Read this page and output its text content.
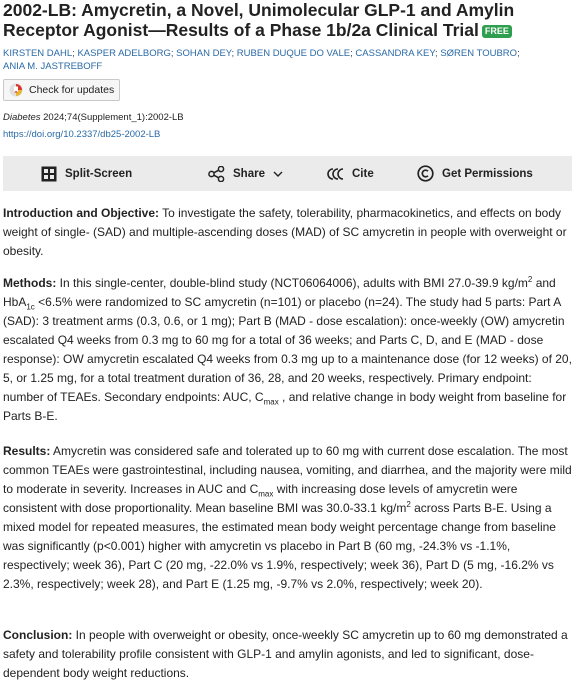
2002-LB: Amycretin, a Novel, Unimolecular GLP-1 and Amylin Receptor Agonist—Results of a Phase 1b/2a Clinical Trial FREE
KIRSTEN DAHL; KASPER ADELBORG; SOHAN DEY; RUBEN DUQUE DO VALE; CASSANDRA KEY; SØREN TOUBRO;
ANIA M. JASTREBOFF
Check for updates
Diabetes 2024;74(Supplement_1):2002-LB
https://doi.org/10.2337/db25-2002-LB
Split-Screen	Share	Cite	Get Permissions
Introduction and Objective: To investigate the safety, tolerability, pharmacokinetics, and effects on body weight of single- (SAD) and multiple-ascending doses (MAD) of SC amycretin in people with overweight or obesity.
Methods: In this single-center, double-blind study (NCT06064006), adults with BMI 27.0-39.9 $kg/m^2$ and HbA$_{1c}$ <6.5% were randomized to SC amycretin (n=101) or placebo (n=24). The study had 5 parts: Part A (SAD): 3 treatment arms (0.3, 0.6, or 1 mg); Part B (MAD - dose escalation): once-weekly (OW) amycretin escalated Q4 weeks from 0.3 mg to 60 mg for a total of 36 weeks; and Parts C, D, and E (MAD - dose response): OW amycretin escalated Q4 weeks from 0.3 mg up to a maintenance dose (for 12 weeks) of 20, 5, or 1.25 mg, for a total treatment duration of 36, 28, and 20 weeks, respectively. Primary endpoint: number of TEAEs. Secondary endpoints: AUC, $C_{max}$ , and relative change in body weight from baseline for Parts B-E.
Results: Amycretin was considered safe and tolerated up to 60 mg with current dose escalation. The most common TEAEs were gastrointestinal, including nausea, vomiting, and diarrhea, and the majority were mild to moderate in severity. Increases in AUC and $C_{max}$ with increasing dose levels of amycretin were consistent with dose proportionality. Mean baseline BMI was 30.0-33.1 $kg/m^2$ across Parts B-E. Using a mixed model for repeated measures, the estimated mean body weight percentage change from baseline was significantly (p<0.001) higher with amycretin vs placebo in Part B (60 mg, -24.3% vs -1.1%, respectively; week 36), Part C (20 mg, -22.0% vs 1.9%, respectively; week 36), Part D (5 mg, -16.2% vs 2.3%, respectively; week 28), and Part E (1.25 mg, -9.7% vs 2.0%, respectively; week 20).
Conclusion: In people with overweight or obesity, once-weekly SC amycretin up to 60 mg demonstrated a safety and tolerability profile consistent with GLP-1 and amylin agonists, and led to significant, dose-dependent body weight reductions.
